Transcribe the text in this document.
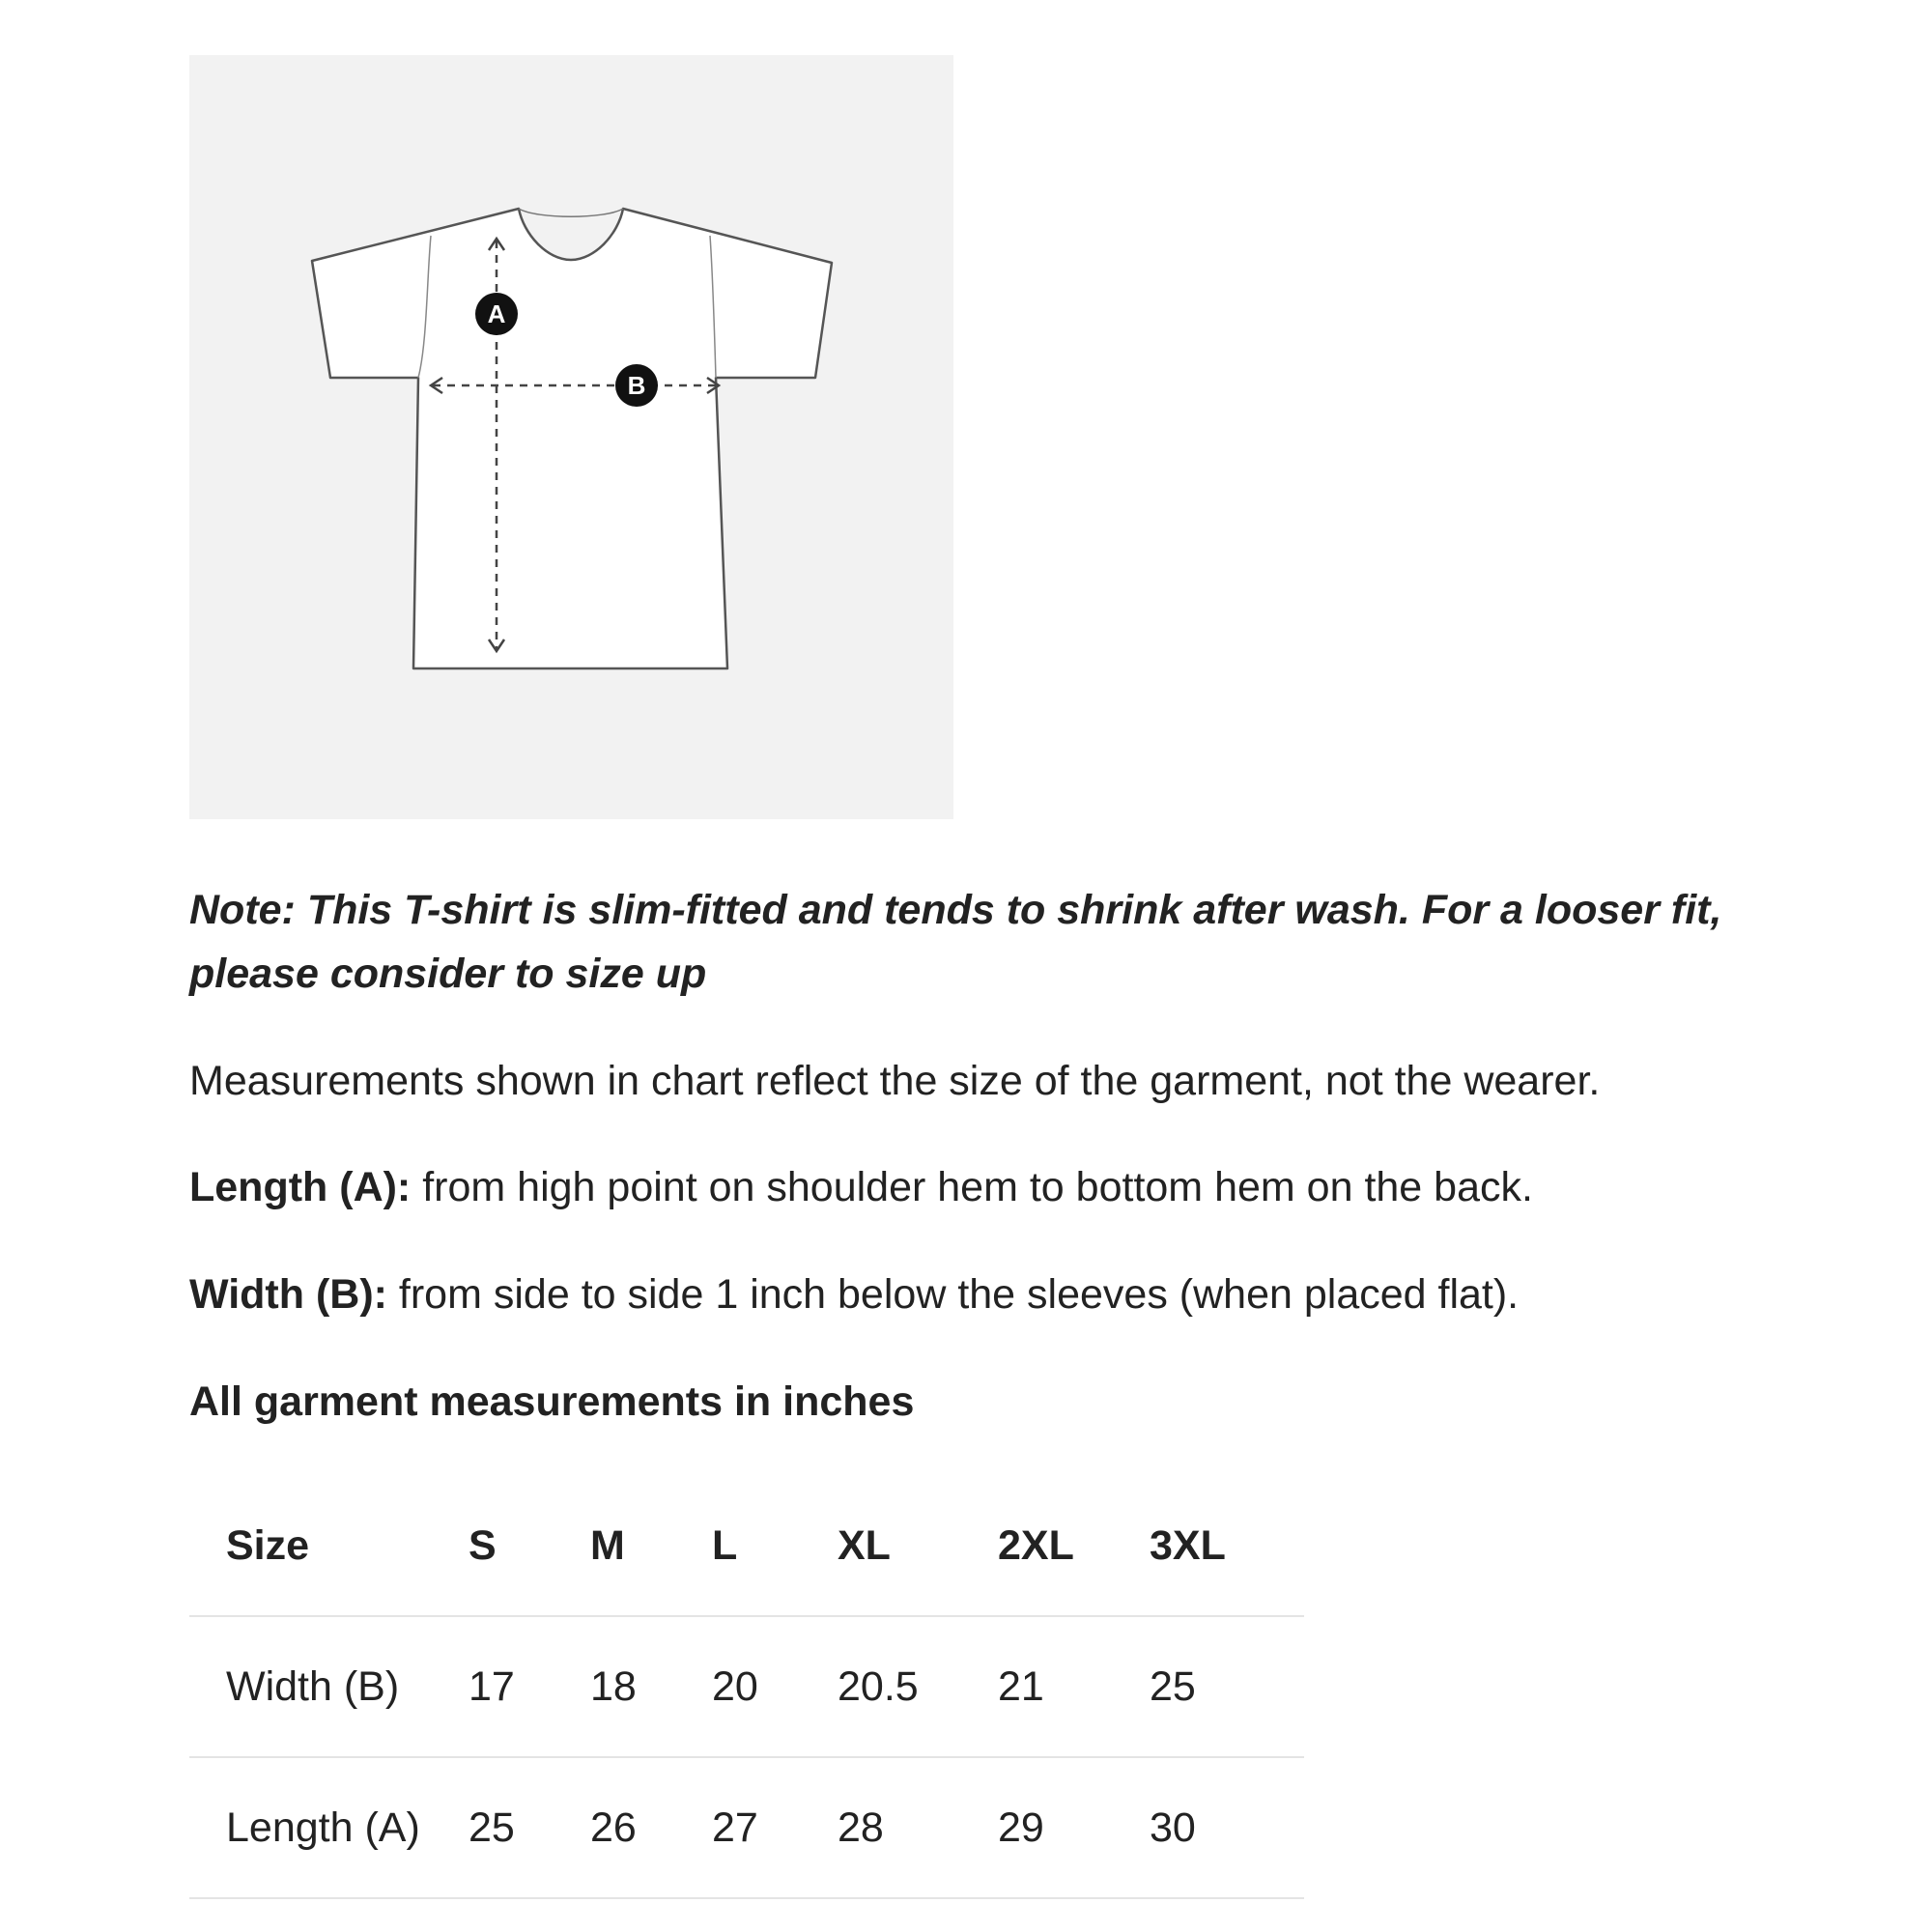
A
B

Note: This T-shirt is slim-fitted and tends to shrink after wash. For a looser fit, please consider to size up

Measurements shown in chart reflect the size of the garment, not the wearer.

Length (A): from high point on shoulder hem to bottom hem on the back.

Width (B): from side to side 1 inch below the sleeves (when placed flat).

All garment measurements in inches

Size	S	M	L	XL	2XL	3XL
Width (B)	17	18	20	20.5	21	25
Length (A)	25	26	27	28	29	30
